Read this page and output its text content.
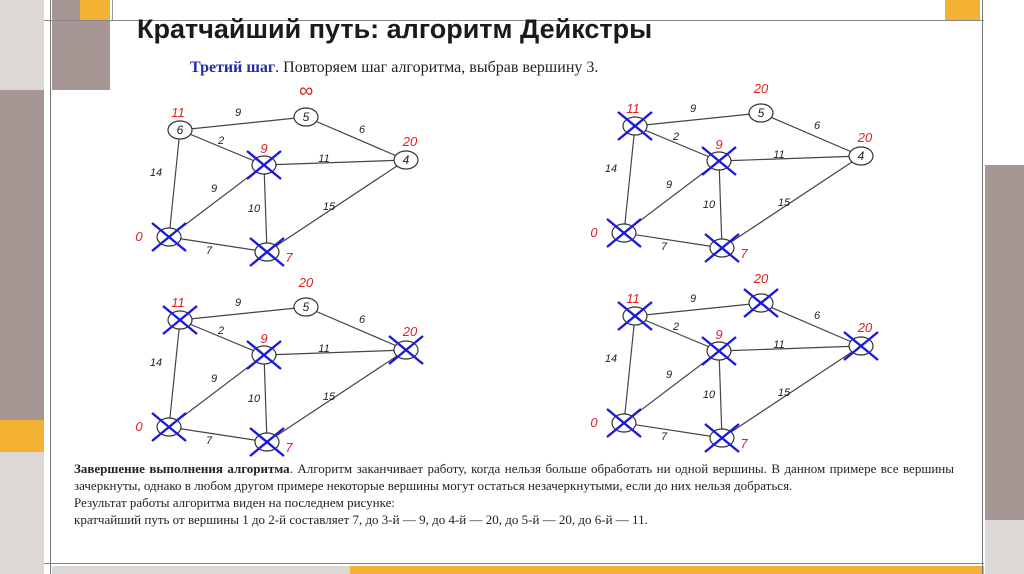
Кратчайший путь: алгоритм Дейкстры
Третий шаг. Повторяем шаг алгоритма, выбрав вершину 3.
9
2
14
6
11
9
10	15
7
0
7
9
4
20
5
∞
6
11	9
2
14
6
11
9
10	15
7
0
7
9
4
20
5
20
11
9
2
14
6
11
9
10	15
7
0
7
9	20
5
20
11	9
2
14
6
11
9
10	15
7
0
7
9	20
20
11

Завершение выполнения алгоритма. Алгоритм заканчивает работу, когда нельзя больше обработать ни одной вершины. В данном примере все вершины зачеркнуты, однако в любом другом примере некоторые вершины могут остаться незачеркнутыми, если до них нельзя добраться.

Результат работы алгоритма виден на последнем рисунке:

кратчайший путь от вершины 1 до 2-й составляет 7, до 3-й — 9, до 4-й — 20, до 5-й — 20, до 6-й — 11.
